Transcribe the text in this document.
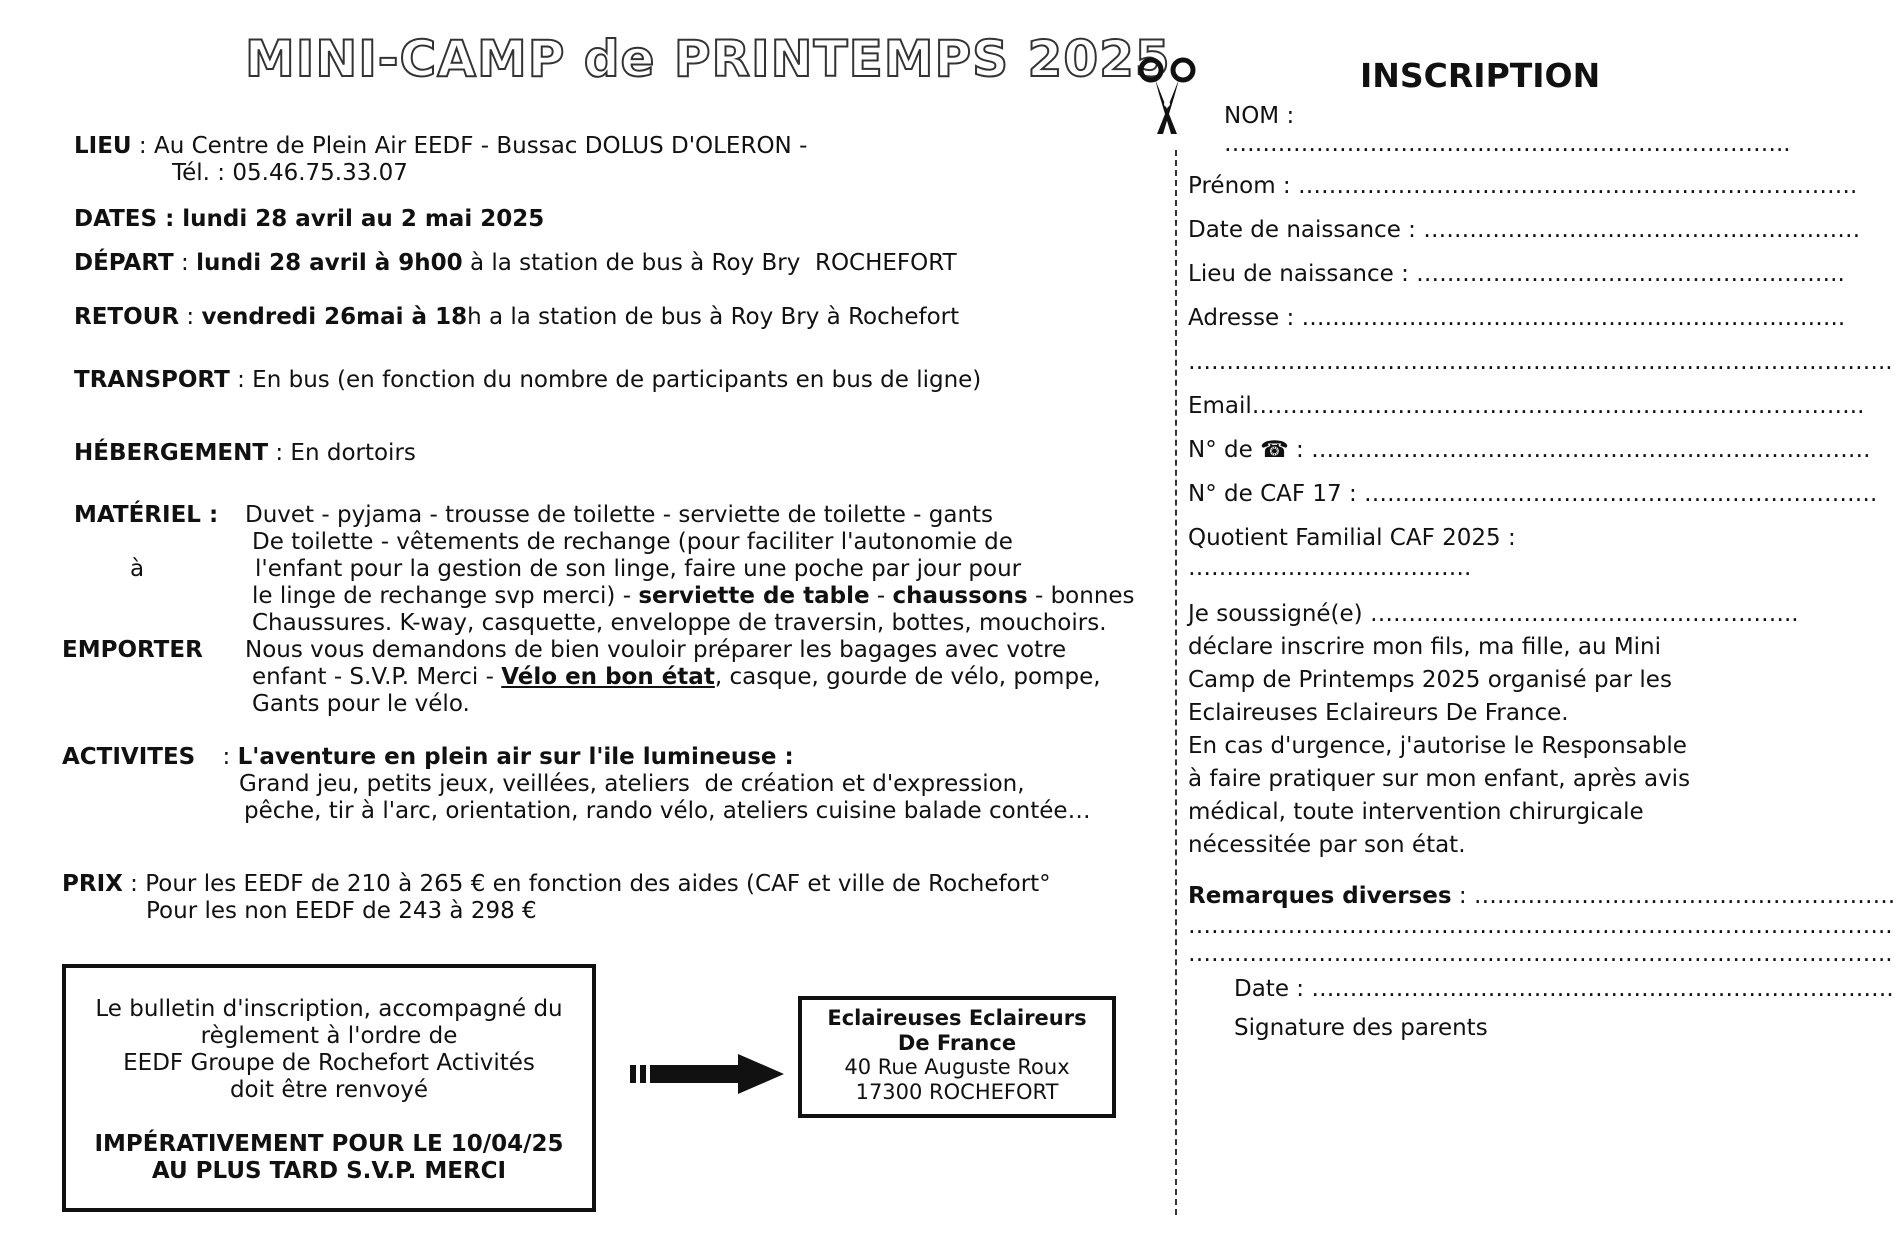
MINI-CAMP de PRINTEMPS 2025
LIEU : Au Centre de Plein Air EEDF - Bussac DOLUS D'OLERON -
Tél. : 05.46.75.33.07
DATES : lundi 28 avril au 2 mai 2025
DÉPART : lundi 28 avril à 9h00 à la station de bus à Roy Bry  ROCHEFORT
RETOUR : vendredi 26mai à 18h a la station de bus à Roy Bry à Rochefort
TRANSPORT : En bus (en fonction du nombre de participants en bus de ligne)
HÉBERGEMENT : En dortoirs
MATÉRIEL : Duvet - pyjama - trousse de toilette - serviette de toilette - gants
De toilette - vêtements de rechange (pour faciliter l'autonomie de
à	l'enfant pour la gestion de son linge, faire une poche par jour pour
le linge de rechange svp merci) - serviette de table - chaussons - bonnes
Chaussures. K-way, casquette, enveloppe de traversin, bottes, mouchoirs.
EMPORTER Nous vous demandons de bien vouloir préparer les bagages avec votre
enfant - S.V.P. Merci - Vélo en bon état, casque, gourde de vélo, pompe,
Gants pour le vélo.
ACTIVITES : L'aventure en plein air sur l'ile lumineuse :
Grand jeu, petits jeux, veillées, ateliers  de création et d'expression,
pêche, tir à l'arc, orientation, rando vélo, ateliers cuisine balade contée…
PRIX : Pour les EEDF de 210 à 265 € en fonction des aides (CAF et ville de Rochefort°
Pour les non EEDF de 243 à 298 €
Le bulletin d'inscription, accompagné du
règlement à l'ordre de
EEDF Groupe de Rochefort Activités
doit être renvoyé
IMPÉRATIVEMENT POUR LE 10/04/25
AU PLUS TARD S.V.P. MERCI
Eclaireuses Eclaireurs
De France
40 Rue Auguste Roux
17300 ROCHEFORT
INSCRIPTION
NOM :
………………………………………………………………..
Prénom : ……………………………………………………………….
Date de naissance : …………………………………………………
Lieu de naissance : ………………………………………………..
Adresse : ……………………………………………………………..
………………………………………………………………………………..
Email……………………………………………………………………..
N° de ☎ : ……………………………………………………………….
N° de CAF 17 : ………………………………………………………….
Quotient Familial CAF 2025 :
……………………………….
Je soussigné(e) ………………………………………………..
déclare inscrire mon fils, ma fille, au Mini Camp de Printemps 2025 organisé par les Eclaireuses Eclaireurs De France.
En cas d'urgence, j'autorise le Responsable à faire pratiquer sur mon enfant, après avis médical, toute intervention chirurgicale nécessitée par son état.
Remarques diverses : ……………………………………………….
………………………………………………………………………………..
………………………………………………………………………………..
Date : ………………………………………………………………….
Signature des parents
